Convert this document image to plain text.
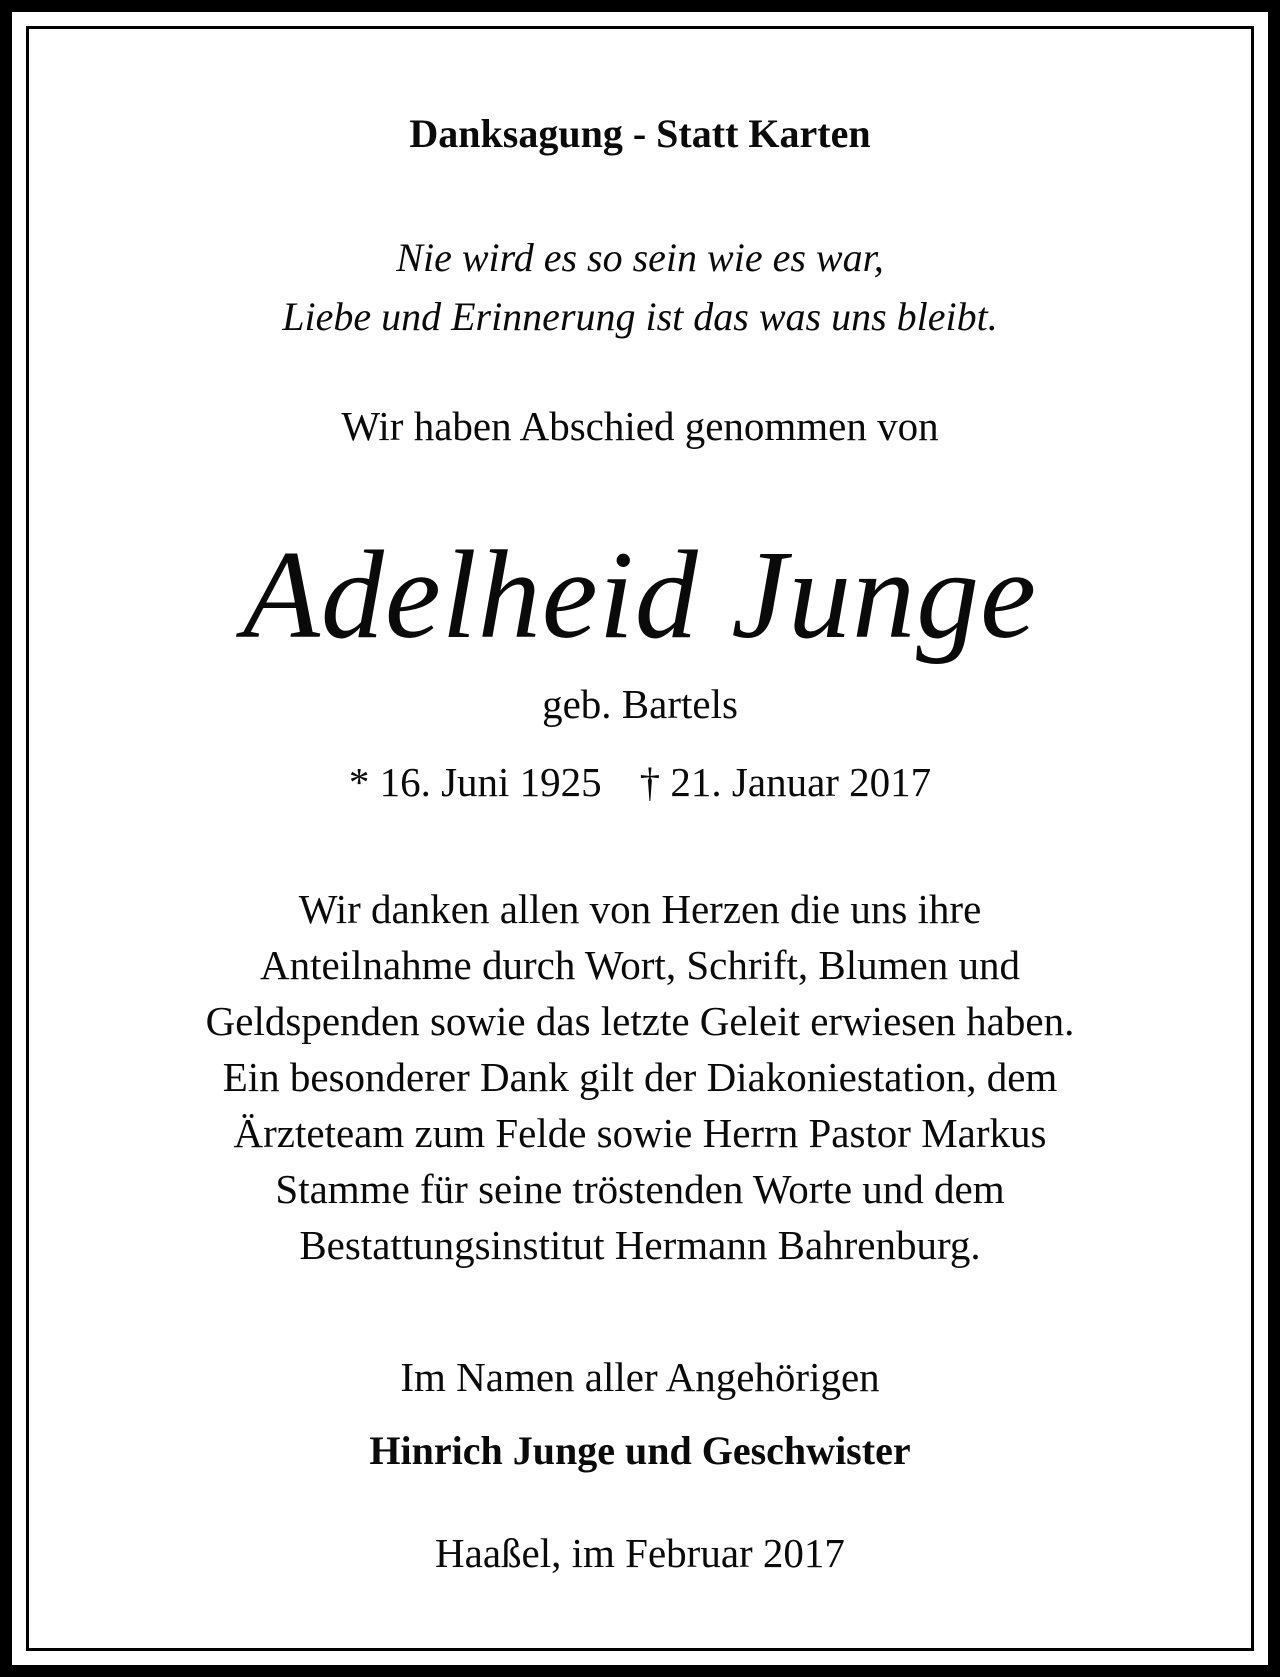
Danksagung - Statt Karten

Nie wird es so sein wie es war,
Liebe und Erinnerung ist das was uns bleibt.

Wir haben Abschied genommen von

Adelheid Junge

geb. Bartels

* 16. Juni 1925 † 21. Januar 2017

Wir danken allen von Herzen die uns ihre
Anteilnahme durch Wort, Schrift, Blumen und
Geldspenden sowie das letzte Geleit erwiesen haben.
Ein besonderer Dank gilt der Diakoniestation, dem
Ärzteteam zum Felde sowie Herrn Pastor Markus
Stamme für seine tröstenden Worte und dem
Bestattungsinstitut Hermann Bahrenburg.

Im Namen aller Angehörigen

Hinrich Junge und Geschwister

Haaßel, im Februar 2017
